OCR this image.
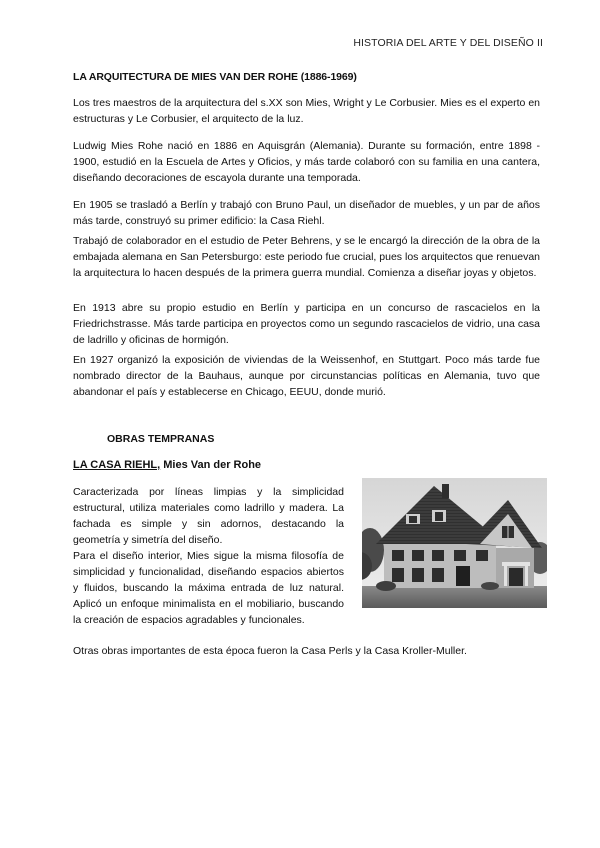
HISTORIA DEL ARTE Y DEL DISEÑO II
LA ARQUITECTURA DE MIES VAN DER ROHE (1886-1969)

Los tres maestros de la arquitectura del s.XX son Mies, Wright y Le Corbusier. Mies es el experto en estructuras y Le Corbusier, el arquitecto de la luz.

Ludwig Mies Rohe nació en 1886 en Aquisgrán (Alemania). Durante su formación, entre 1898 - 1900, estudió en la Escuela de Artes y Oficios, y más tarde colaboró con su familia en una cantera, diseñando decoraciones de escayola durante una temporada.

En 1905 se trasladó a Berlín y trabajó con Bruno Paul, un diseñador de muebles, y un par de años más tarde, construyó su primer edificio: la Casa Riehl.

Trabajó de colaborador en el estudio de Peter Behrens, y se le encargó la dirección de la obra de la embajada alemana en San Petersburgo: este periodo fue crucial, pues los arquitectos que renuevan la arquitectura lo hacen después de la primera guerra mundial. Comienza a diseñar joyas y objetos.

En 1913 abre su propio estudio en Berlín y participa en un concurso de rascacielos en la Friedrichstrasse. Más tarde participa en proyectos como un segundo rascacielos de vidrio, una casa de ladrillo y oficinas de hormigón.

En 1927 organizó la exposición de viviendas de la Weissenhof, en Stuttgart. Poco más tarde fue nombrado director de la Bauhaus, aunque por circunstancias políticas en Alemania, tuvo que abandonar el país y establecerse en Chicago, EEUU, donde murió.

OBRAS TEMPRANAS
LA CASA RIEHL, Mies Van der Rohe

Caracterizada por líneas limpias y la simplicidad estructural, utiliza materiales como ladrillo y madera. La fachada es simple y sin adornos, destacando la geometría y simetría del diseño.

Para el diseño interior, Mies sigue la misma filosofía de simplicidad y funcionalidad, diseñando espacios abiertos y fluidos, buscando la máxima entrada de luz natural. Aplicó un enfoque minimalista en el mobiliario, buscando la creación de espacios agradables y funcionales.

Otras obras importantes de esta época fueron la Casa Perls y la Casa Kroller-Muller.
